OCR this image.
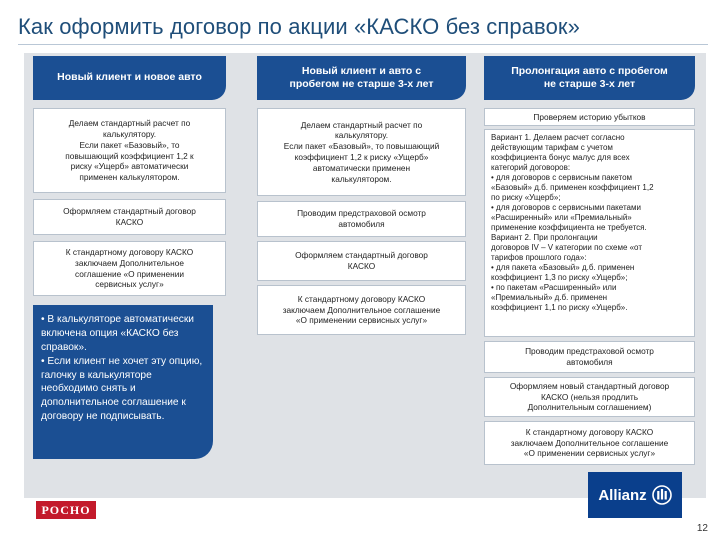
Как оформить договор по акции «КАСКО без справок»
Новый клиент и новое авто
Делаем стандартный расчет по
калькулятору.
Если пакет «Базовый», то
повышающий коэффициент 1,2 к
риску «Ущерб» автоматически
применен калькулятором.
Оформляем стандартный договор
КАСКО
К стандартному договору КАСКО
заключаем Дополнительное
соглашение «О применении
сервисных услуг»
• В калькуляторе автоматически включена опция «КАСКО без справок».
• Если клиент не хочет эту опцию, галочку в калькуляторе необходимо снять и дополнительное соглашение к договору не подписывать.
Новый клиент и авто с
пробегом не старше 3-х лет
Делаем стандартный расчет по
калькулятору.
Если пакет «Базовый», то повышающий
коэффициент 1,2 к риску «Ущерб»
автоматически применен
калькулятором.
Проводим предстраховой осмотр
автомобиля
Оформляем стандартный договор
КАСКО
К стандартному договору КАСКО
заключаем Дополнительное соглашение
«О применении сервисных услуг»
Пролонгация авто с пробегом
не старше 3-х лет
Проверяем историю убытков
Вариант 1. Делаем расчет согласно
действующим тарифам с учетом
коэффициента бонус малус для всех
категорий договоров:
• для договоров с сервисным пакетом
«Базовый» д.б. применен коэффициент 1,2
по риску «Ущерб»;
• для договоров с сервисными пакетами
«Расширенный» или «Премиальный»
применение коэффициента не требуется.
Вариант 2. При пролонгации
договоров IV – V категории по схеме «от
тарифов прошлого года»:
• для пакета «Базовый» д.б. применен
коэффициент 1,3 по риску «Ущерб»;
• по пакетам «Расширенный» или
«Премиальный» д.б. применен
коэффициент 1,1 по риску «Ущерб».
Проводим предстраховой осмотр
автомобиля
Оформляем новый стандартный договор
КАСКО (нельзя продлить
Дополнительным соглашением)
К стандартному договору КАСКО
заключаем Дополнительное соглашение
«О применении сервисных услуг»
РОСНО
Allianz
12
